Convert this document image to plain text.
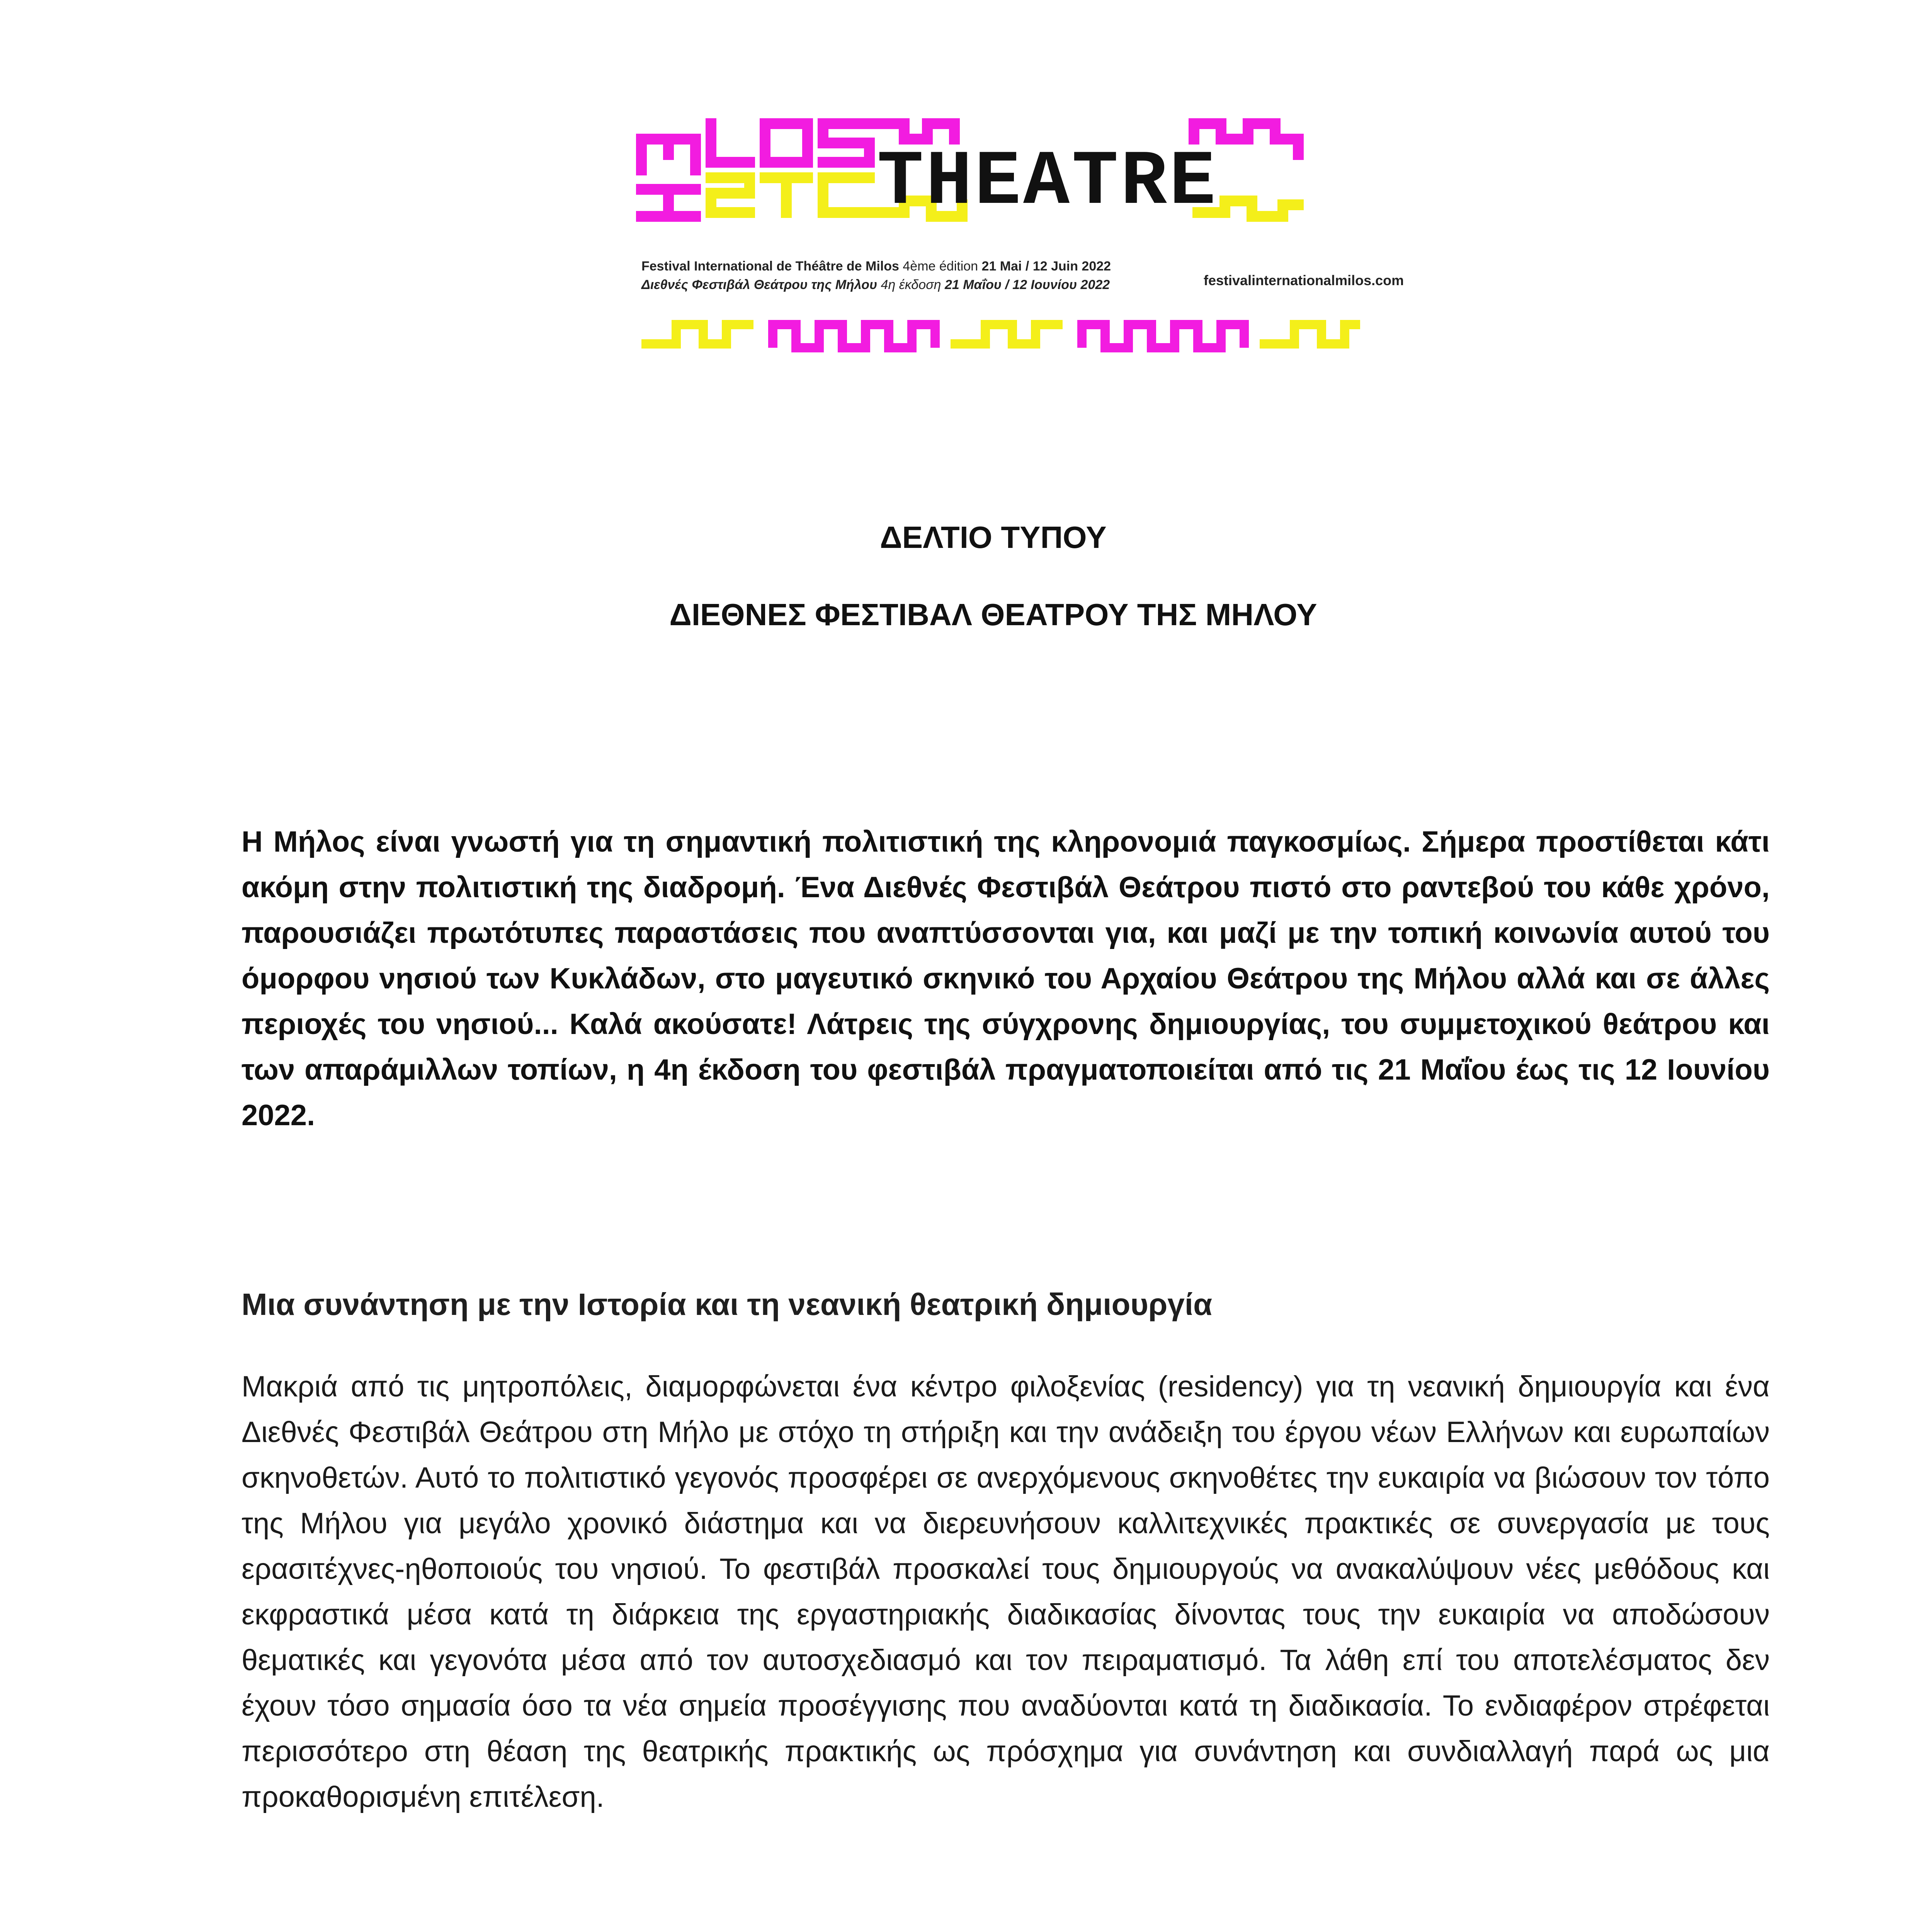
THEATRE
Festival International de Théâtre de Milos 4ème édition 21 Mai / 12 Juin 2022
Διεθνές Φεστιβάλ Θεάτρου της Μήλου 4η έκδοση 21 Μαΐου / 12 Ιουνίου 2022	festivalinternationalmilos.com
ΔΕΛΤΙΟ ΤΥΠΟΥ
ΔΙΕΘΝΕΣ ΦΕΣΤΙΒΑΛ ΘΕΑΤΡΟΥ ΤΗΣ ΜΗΛΟΥ
Η Μήλος είναι γνωστή για τη σημαντική πολιτιστική της κληρονομιά παγκοσμίως. Σήμερα προστίθεται κάτι ακόμη στην πολιτιστική της διαδρομή. Ένα Διεθνές Φεστιβάλ Θεάτρου πιστό στο ραντεβού του κάθε χρόνο, παρουσιάζει πρωτότυπες παραστάσεις που αναπτύσσονται για, και μαζί με την τοπική κοινωνία αυτού του όμορφου νησιού των Κυκλάδων, στο μαγευτικό σκηνικό του Αρχαίου Θεάτρου της Μήλου αλλά και σε άλλες περιοχές του νησιού... Καλά ακούσατε! Λάτρεις της σύγχρονης δημιουργίας, του συμμετοχικού θεάτρου και των απαράμιλλων τοπίων, η 4η έκδοση του φεστιβάλ πραγματοποιείται από τις 21 Μαΐου έως τις 12 Ιουνίου 2022.
Μια συνάντηση με την Ιστορία και τη νεανική θεατρική δημιουργία
Μακριά από τις μητροπόλεις, διαμορφώνεται ένα κέντρο φιλοξενίας (residency) για τη νεανική δημιουργία και ένα Διεθνές Φεστιβάλ Θεάτρου στη Μήλο με στόχο τη στήριξη και την ανάδειξη του έργου νέων Ελλήνων και ευρωπαίων σκηνοθετών. Αυτό το πολιτιστικό γεγονός προσφέρει σε ανερχόμενους σκηνοθέτες την ευκαιρία να βιώσουν τον τόπο της Μήλου για μεγάλο χρονικό διάστημα και να διερευνήσουν καλλιτεχνικές πρακτικές σε συνεργασία με τους ερασιτέχνες-ηθοποιούς του νησιού. Το φεστιβάλ προσκαλεί τους δημιουργούς να ανακαλύψουν νέες μεθόδους και εκφραστικά μέσα κατά τη διάρκεια της εργαστηριακής διαδικασίας δίνοντας τους την ευκαιρία να αποδώσουν θεματικές και γεγονότα μέσα από τον αυτοσχεδιασμό και τον πειραματισμό. Τα λάθη επί του αποτελέσματος δεν έχουν τόσο σημασία όσο τα νέα σημεία προσέγγισης που αναδύονται κατά τη διαδικασία. Το ενδιαφέρον στρέφεται περισσότερο στη θέαση της θεατρικής πρακτικής ως πρόσχημα για συνάντηση και συνδιαλλαγή παρά ως μια προκαθορισμένη επιτέλεση.
